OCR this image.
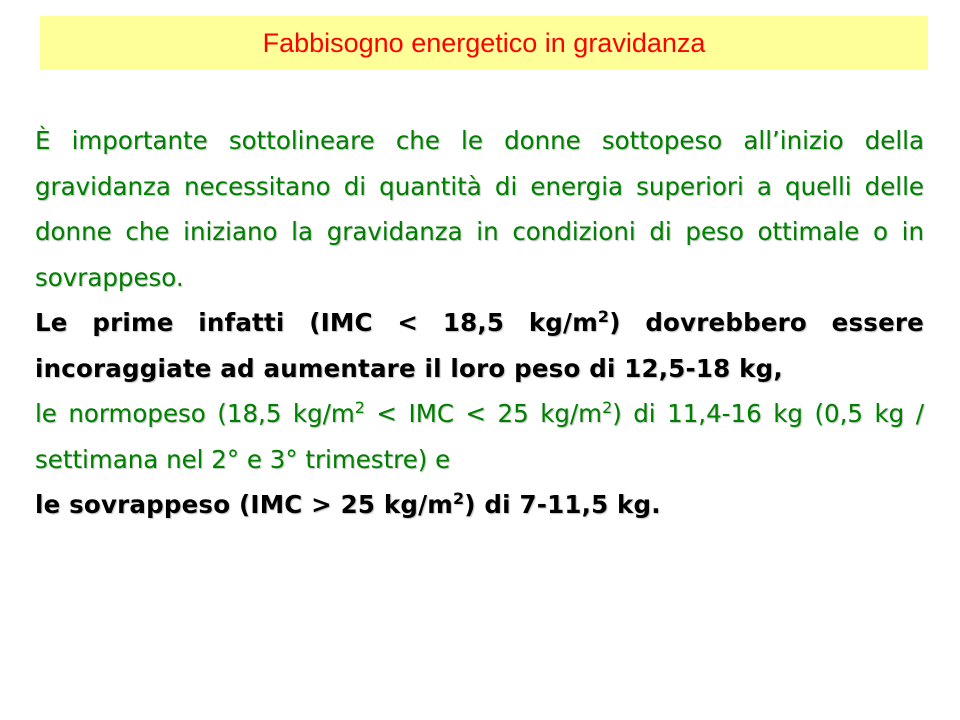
Fabbisogno energetico in gravidanza

È importante sottolineare che le donne sottopeso all’inizio della gravidanza necessitano di quantità di energia superiori a quelli delle donne che iniziano la gravidanza in condizioni di peso ottimale o in sovrappeso.

Le prime infatti (IMC < 18,5 $kg/m_2$) dovrebbero essere incoraggiate ad aumentare il loro peso di 12,5-18 kg,

le normopeso (18,5 $kg/m_2$ < IMC < 25 $kg/m_2$) di 11,4-16 kg (0,5 kg / settimana nel 2° e 3° trimestre) e

le sovrappeso (IMC > 25 $kg/m_2$) di 7-11,5 kg.
